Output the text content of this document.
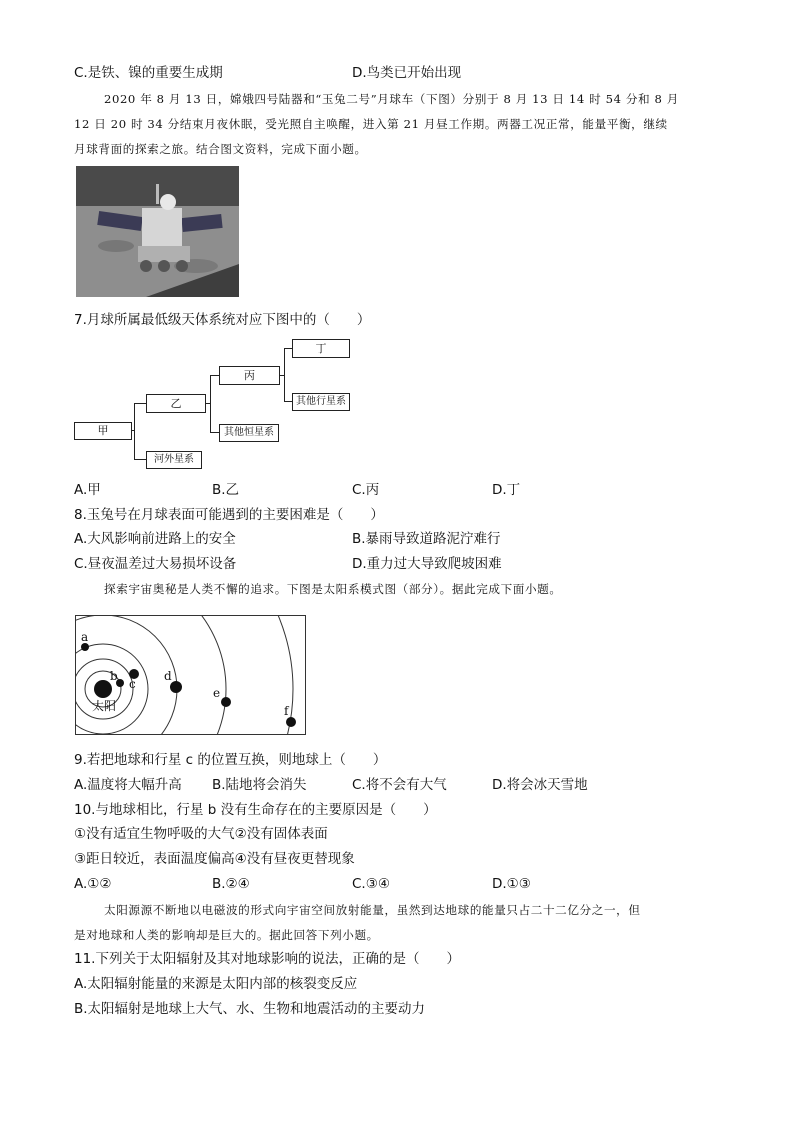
C.是铁、镍的重要生成期	D.鸟类已开始出现
2020 年 8 月 13 日，嫦娥四号陆器和“玉兔二号”月球车（下图）分别于 8 月 13 日 14 时 54 分和 8 月
12 日 20 时 34 分结束月夜休眠，受光照自主唤醒，进入第 21 月昼工作期。两器工况正常，能量平衡，继续
月球背面的探索之旅。结合图文资料，完成下面小题。
7.月球所属最低级天体系统对应下图中的（　　）
甲
乙
丙
丁
其他行星系
其他恒星系
河外星系
A.甲	B.乙	C.丙	D.丁
8.玉兔号在月球表面可能遇到的主要困难是（　　）
A.大风影响前进路上的安全	B.暴雨导致道路泥泞难行
C.昼夜温差过大易损坏设备	D.重力过大导致爬坡困难
探索宇宙奥秘是人类不懈的追求。下图是太阳系模式图（部分）。据此完成下面小题。
太阳
a
b
c
d
e
f
9.若把地球和行星 c 的位置互换，则地球上（　　）
A.温度将大幅升高 B.陆地将会消失	C.将不会有大气	D.将会冰天雪地
10.与地球相比，行星 b 没有生命存在的主要原因是（　　）
①没有适宜生物呼吸的大气②没有固体表面
③距日较近，表面温度偏高④没有昼夜更替现象
A.①②	B.②④	C.③④	D.①③
太阳源源不断地以电磁波的形式向宇宙空间放射能量，虽然到达地球的能量只占二十二亿分之一，但
是对地球和人类的影响却是巨大的。据此回答下列小题。
11.下列关于太阳辐射及其对地球影响的说法，正确的是（　　）
A.太阳辐射能量的来源是太阳内部的核裂变反应
B.太阳辐射是地球上大气、水、生物和地震活动的主要动力
